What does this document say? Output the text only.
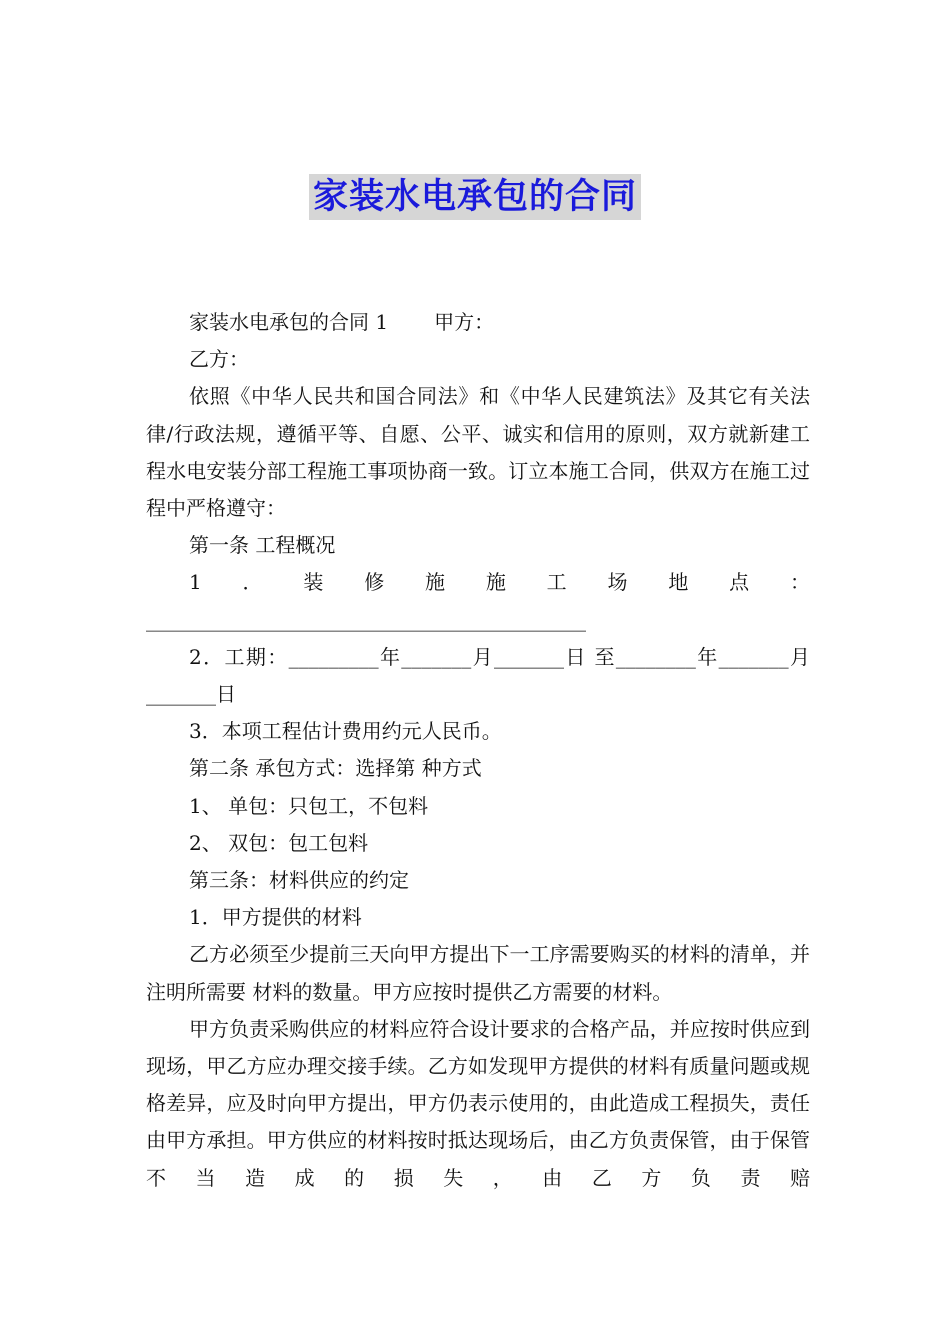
家装水电承包的合同

家装水电承包的合同 1 甲方：

乙方：

依照《中华人民共和国合同法》和《中华人民建筑法》及其它有关法律/行政法规，遵循平等、自愿、公平、诚实和信用的原则，双方就新建工程水电安装分部工程施工事项协商一致。订立本施工合同，供双方在施工过程中严格遵守：

第一条 工程概况

1．装修施施工场地点：____________________________________________

2．工期：_________年_______月_______日 至________年_______月_______日

3．本项工程估计费用约元人民币。

第二条 承包方式：选择第 种方式

1、 单包：只包工，不包料

2、 双包：包工包料

第三条：材料供应的约定

1．甲方提供的材料

乙方必须至少提前三天向甲方提出下一工序需要购买的材料的清单，并注明所需要 材料的数量。甲方应按时提供乙方需要的材料。

甲方负责采购供应的材料应符合设计要求的合格产品，并应按时供应到现场，甲乙方应办理交接手续。乙方如发现甲方提供的材料有质量问题或规格差异，应及时向甲方提出，甲方仍表示使用的，由此造成工程损失，责任由甲方承担。甲方供应的材料按时抵达现场后，由乙方负责保管，由于保管不当造成的损失，由乙方负责赔
